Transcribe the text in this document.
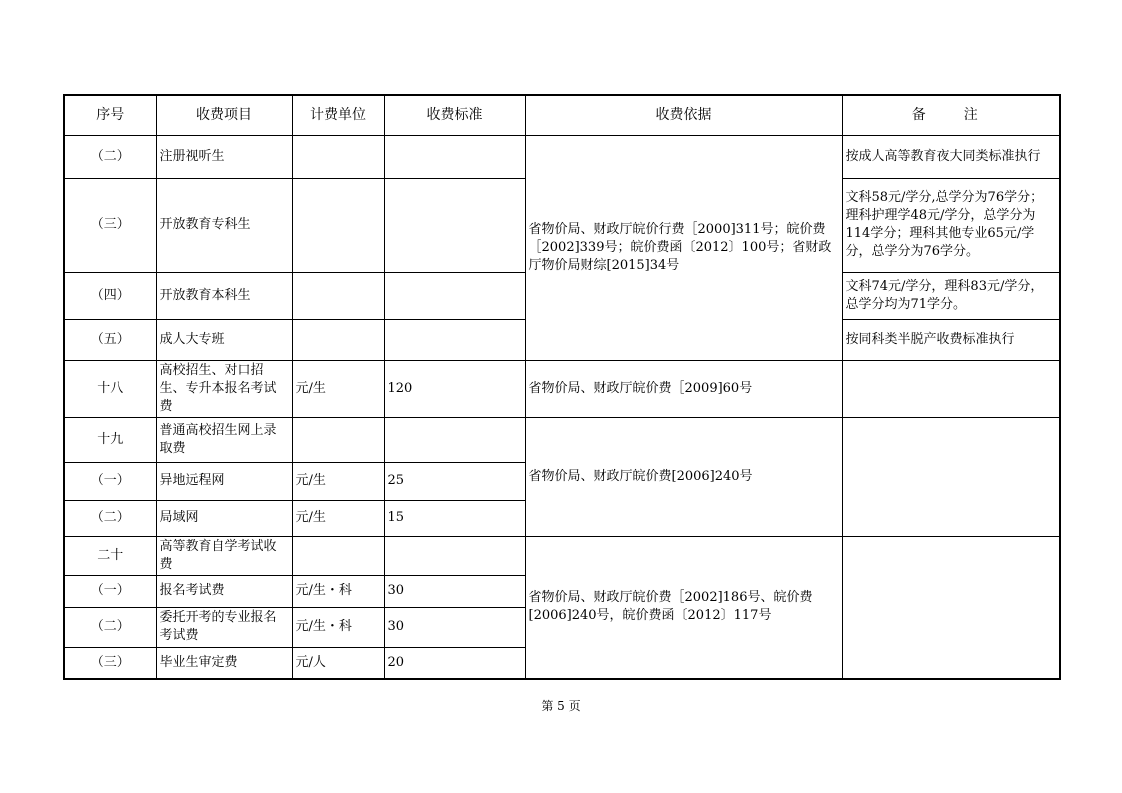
序号	收费项目	计费单位	收费标准	收费依据	备　注
（二）	注册视听生			省物价局、财政厅皖价行费［2000]311号；皖价费［2002]339号；皖价费函〔2012〕100号；省财政厅物价局财综[2015]34号	按成人高等教育夜大同类标准执行
（三）	开放教育专科生				文科58元/学分,总学分为76学分；理科护理学48元/学分，总学分为114学分；理科其他专业65元/学分，总学分为76学分。
（四）	开放教育本科生				文科74元/学分，理科83元/学分，总学分均为71学分。
（五）	成人大专班				按同科类半脱产收费标准执行
十八	高校招生、对口招生、专升本报名考试费	元/生	120	省物价局、财政厅皖价费［2009]60号	
十九	普通高校招生网上录取费			省物价局、财政厅皖价费[2006]240号	
（一）	异地远程网	元/生	25		
（二）	局域网	元/生	15		
二十	高等教育自学考试收费			省物价局、财政厅皖价费［2002]186号、皖价费[2006]240号，皖价费函〔2012〕117号	
（一）	报名考试费	元/生・科	30		
（二）	委托开考的专业报名考试费	元/生・科	30		
（三）	毕业生审定费	元/人	20		
第 5 页
